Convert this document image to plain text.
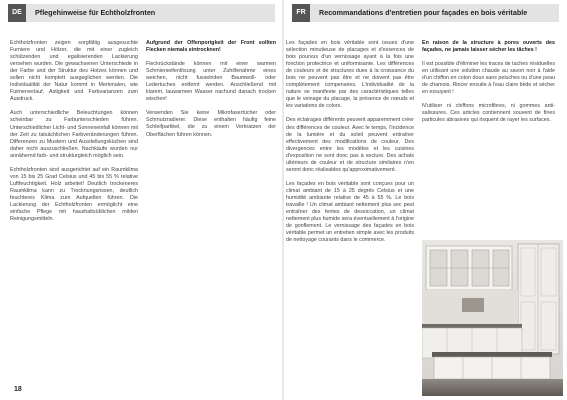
DE	Pflegehinweise für Echtholzfronten

Echtholzfronten zeigen sorgfältig ausgesuchte Furniere und Hölzer, die mit einer zugleich schützenden und egalisierenden Lackierung versehen wurden. Die gewachsenen Unterschiede in der Farbe und der Struktur des Holzes können und sollen nicht komplett ausgeglichen werden. Die Individualität der Natur kommt in Merkmalen, wie Fuimerverlauf, Astigkeit und Farbvarianzen zum Ausdruck.

Auch unterschiedliche Beleuchtungen können scheinbar zu Farbunterschieden führen. Unterschiedlicher Licht- und Sonneneinfall können mit der Zeit zu tatsächlichen Farbveränderungen führen. Differenzen zu Mustern und Ausstellungsküchen sind daher nicht auszuschließen. Nachkäufe wurden nur annähernd farb- und strukturgleich möglich sein.

Echtholzfronten sind ausgerichtet auf ein Raumklima von 15 bis 25 Grad Celsius und 45 bis 55 % relative Luftfeuchtigkeit. Holz arbeitet! Deutlich trockeneres Raumklima kann zu Trocknungsrissen, deutlich feuchteres Klima zum Aufquellen führen. Die Lackierung der Echtholzfronten ermöglicht eine einfache Pflege mit haushaltsüblichen milden Reinigungsmitteln.

Aufgrund der Offenporigkeit der Front sollten Flecken niemals eintrocknen!

Fleckrückstände können mit einer warmen Schmierseifenlösung unter Zuhilfenahme eines weichen, nicht fusselnden Baumwoll- oder Ledertuches entfernt werden. Anschließend mit klarem, lauwarmen Wasser nachund danach trocken wischen!

Verwenden Sie keine Mikrofasertücher oder Schmutzradierer. Diese enthalten häufig feine Schleifpartikel, die zu einem Verkratzen der Oberflächen führen können.

18
FR	Recommandations d'entretien pour façades en bois véritable

Les façades en bois véritable sont issues d'une sélection minutieuse de placages et d'essences de bois pourvus d'un vernissage ayant à la fois une fonction protectrice et uniformisante. Les différences de couleurs et de structures dues à la croissance du bois ne peuvent pas être et ne doivent pas être complètement compensées. L'individualité de la nature se manifeste par des caractéristiques telles que le veinage du placage, la présence de nœuds et les variations de colors.

Des éclairages différents peuvent apparemment créer des différences de couleur. Avec le temps, l'incidence de la lumière et du soleil peuvent entraîner effectivement des modifications de couleur. Des divergences entre les modèles et les cuisines d'exposition ne sont donc pas à exclure. Des achats ultérieurs de couleur et de structure similaires n'en seront donc réalisables qu'approximativement.

Les façades en bois véritable sont conçues pour un climat ambiant de 15 à 25 degrés Celsius et une humidité ambiante relative de 45 à 55 %. Le bois travaille ! Un climat ambiant nettement plus sec peut entraîner des fentes de dessiccation, un climat nettement plus humide sera éventuellement à l'origine de gonflement. Le vernissage des façades en bois véritable permet un entretien simple avec les produits de nettoyage courants dans le commerce.

En raison de la structure à pores ouverts des façades, ne jamais laisser sécher les tâches !

Il est possible d'éliminer les traces de taches résiduelles en utilisant une solution chaude au savon noir à l'aide d'un chiffon en coton doux sans peluches ou d'une peau de chamois. Rincer ensuite à l'eau claire tiède et sécher en essuyant !

N'utiliser ni chiffons microfibres, ni gommes anti-salissures. Ces articles contiennent souvent de fines particules abrasives qui risquent de rayer les surfaces.
